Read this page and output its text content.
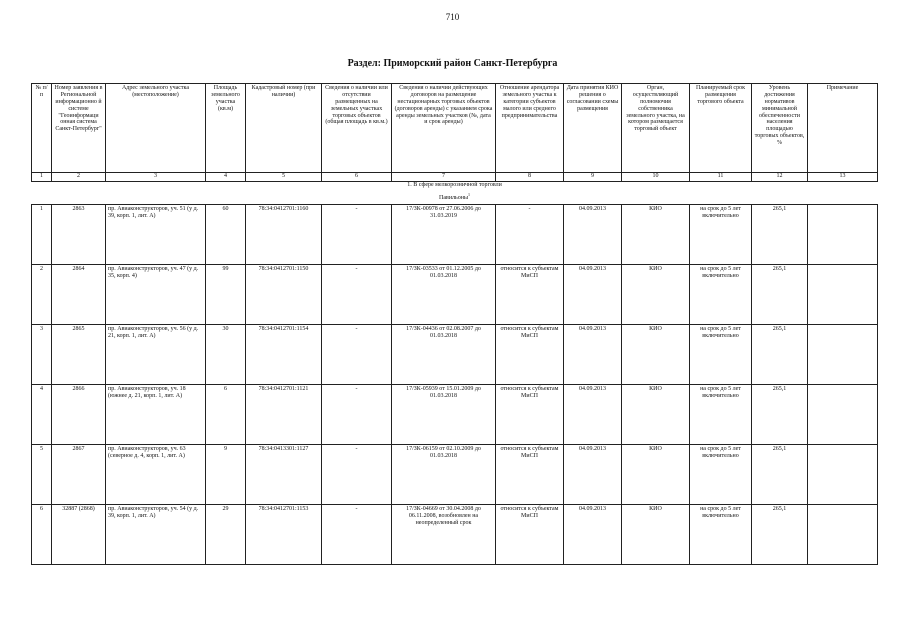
710
Раздел: Приморский район Санкт-Петербурга
№ п/п	Номер заявления в Региональной информационно й системе "Геоинформаци онная система Санкт-Петербург"	Адрес земельного участка (местоположение)	Площадь земельного участка (кв.м)	Кадастровый номер (при наличии)	Сведения о наличии или отсутствии размещенных на земельных участках торговых объектов (общая площадь в кв.м.)	Сведения о наличии действующих договоров на размещение нестационарных торговых объектов (договоров аренды) с указанием срока аренды земельных участков (№, дата и срок аренды)	Отношение арендатора земельного участка к категории субъектов малого или среднего предпринимательства	Дата принятия КИО решения о согласовании схемы размещения	Орган, осуществляющий полномочия собственника земельного участка, на котором размещается торговый объект	Планируемый срок размещения торгового объекта	Уровень достижения нормативов минимальной обеспеченности населения площадью торговых объектов, %	Примечание
1	2	3	4	5	6	7	8	9	10	11	12	13
1. В сфере мелкорозничной торговли												
Павильоны$^1$
1	2863	пр. Авиаконструкторов, уч. 51 (у д. 39, корп. 1, лит. А)	60	78:34:0412701:1160	-	17/ЗК-00978 от 27.06.2006 до 31.03.2019	-	04.09.2013	КИО	на срок до 5 лет включительно	265,1	
2	2864	пр. Авиаконструкторов, уч. 47 (у д. 35, корп. 4)	99	78:34:0412701:1150	-	17/ЗК-03533 от 01.12.2005 до 01.03.2018	относится к субъектам МиСП	04.09.2013	КИО	на срок до 5 лет включительно	265,1	
3	2865	пр. Авиаконструкторов, уч. 56 (у д. 21, корп. 1, лит. А)	30	78:34:0412701:1154	-	17/ЗК-04436 от 02.08.2007 до 01.03.2018	относится к субъектам МиСП	04.09.2013	КИО	на срок до 5 лет включительно	265,1	
4	2866	пр. Авиаконструкторов, уч. 18 (южнее д. 21, корп. 1, лит. А)	6	78:34:0412701:1121	-	17/ЗК-05939 от 15.01.2009 до 01.03.2018	относится к субъектам МиСП	04.09.2013	КИО	на срок до 5 лет включительно	265,1	
5	2867	пр. Авиаконструкторов, уч. 63 (северное д. 4, корп. 1, лит. А)	9	78:34:0413301:1127	-	17/ЗК-06159 от 02.10.2009 до 01.03.2018	относится к субъектам МиСП	04.09.2013	КИО	на срок до 5 лет включительно	265,1	
6	32887 (2868)	пр. Авиаконструкторов, уч. 54 (у д. 39, корп. 1, лит. А)	29	78:34:0412701:1153	-	17/ЗК-04669 от 30.04.2008 до 06.11.2008, возобновлен на неопределенный срок	относится к субъектам МиСП	04.09.2013	КИО	на срок до 5 лет включительно	265,1	
